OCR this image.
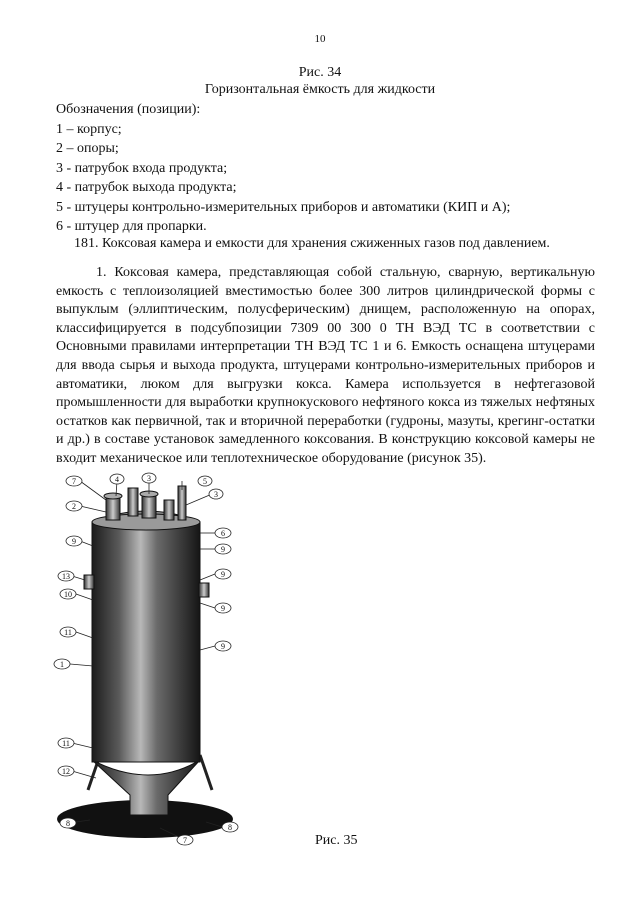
10
Рис. 34
Горизонтальная ёмкость для жидкости
Обозначения (позиции):
1 – корпус;
2 – опоры;
3 - патрубок входа продукта;
4 - патрубок выхода продукта;
5 - штуцеры контрольно-измерительных приборов и автоматики (КИП и А);
6 - штуцер для пропарки.
181. Коксовая камера и емкости для хранения сжиженных газов под давлением.

1. Коксовая камера, представляющая собой стальную, сварную, вертикальную емкость с теплоизоляцией вместимостью более 300 литров цилиндрической формы с выпуклым (эллиптическим, полусферическим) днищем, расположенную на опорах, классифицируется в подсубпозиции 7309 00 300 0 ТН ВЭД ТС в соответствии с Основными правилами интерпретации ТН ВЭД ТС 1 и 6. Емкость оснащена штуцерами для ввода сырья и выхода продукта, штуцерами контрольно-измерительных приборов и автоматики, люком для выгрузки кокса. Камера используется в нефтегазовой промышленности для выработки крупнокускового нефтяного кокса из тяжелых нефтяных остатков как первичной, так и вторичной переработки (гудроны, мазуты, крегинг-остатки и др.) в составе установок замедленного коксования. В конструкцию коксовой камеры не входит механическое или теплотехническое оборудование (рисунок 35).

7	4	3	5
3
2
9
13
10
11
1
11
12
8
7
8
6
9
9
9
9
Рис. 35
